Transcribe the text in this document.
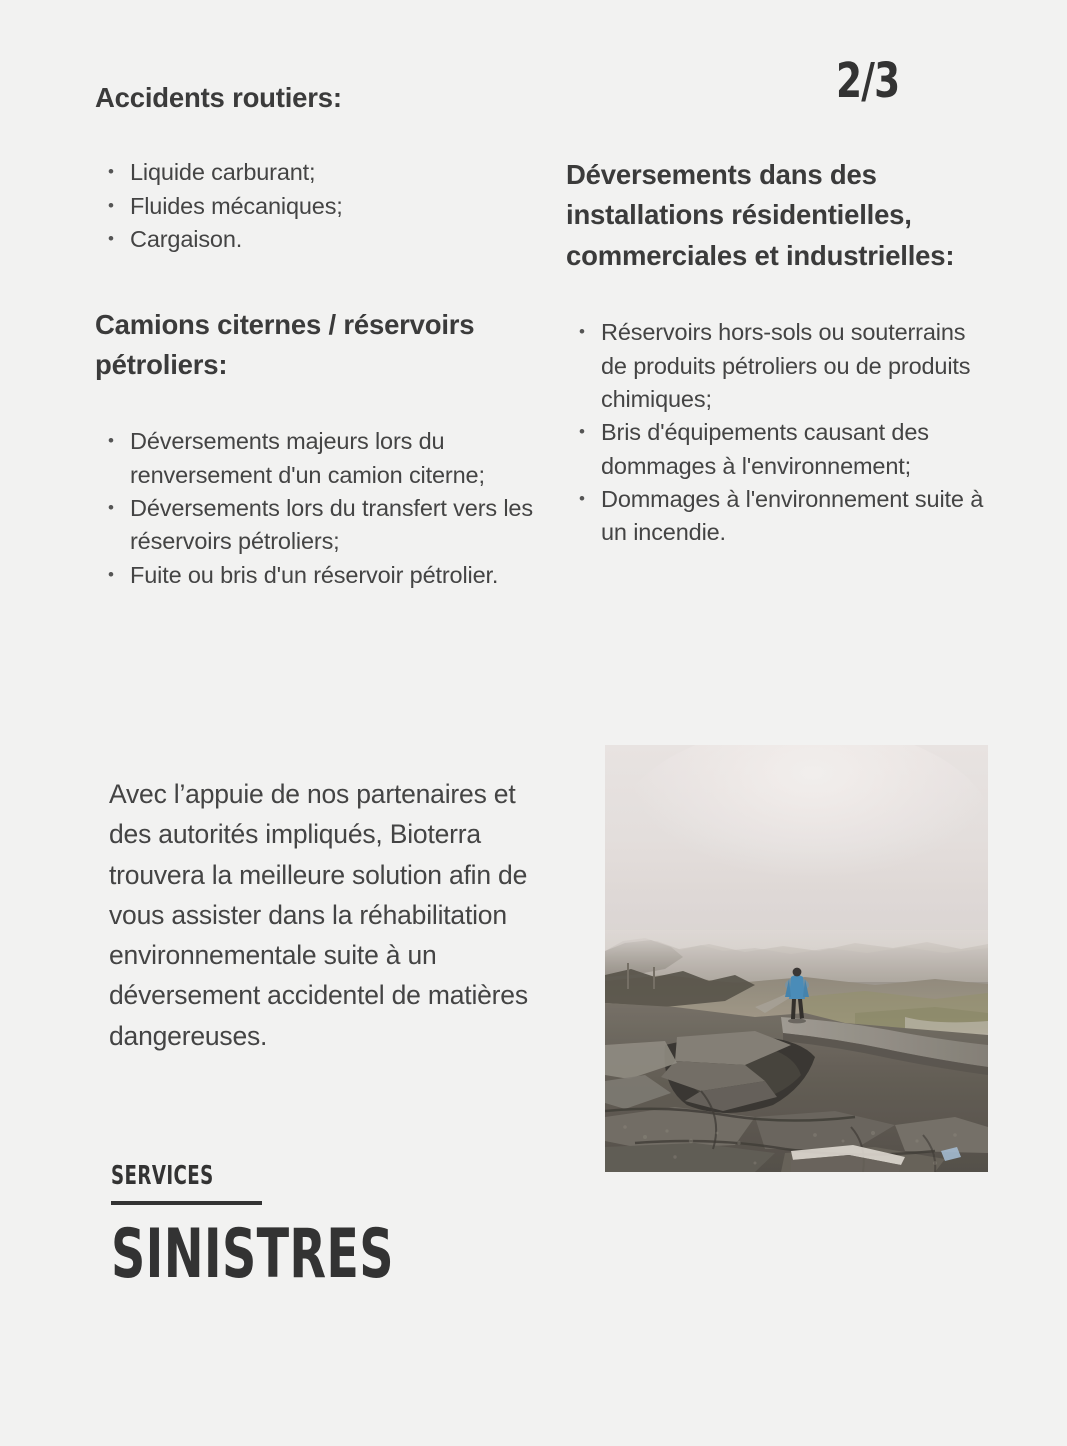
2/3
Accidents routiers:
• Liquide carburant;
• Fluides mécaniques;
• Cargaison.
Camions citernes / réservoirs pétroliers:
• Déversements majeurs lors du renversement d'un camion citerne;
• Déversements lors du transfert vers les réservoirs pétroliers;
• Fuite ou bris d'un réservoir pétrolier.
Déversements dans des installations résidentielles, commerciales et industrielles:
• Réservoirs hors-sols ou souterrains de produits pétroliers ou de produits chimiques;
• Bris d'équipements causant des dommages à l'environnement;
• Dommages à l'environnement suite à un incendie.

Avec l’appuie de nos partenaires et des autorités impliqués, Bioterra trouvera la meilleure solution afin de vous assister dans la réhabilitation environnementale suite à un déversement accidentel de matières dangereuses.

SERVICES
SINISTRES
